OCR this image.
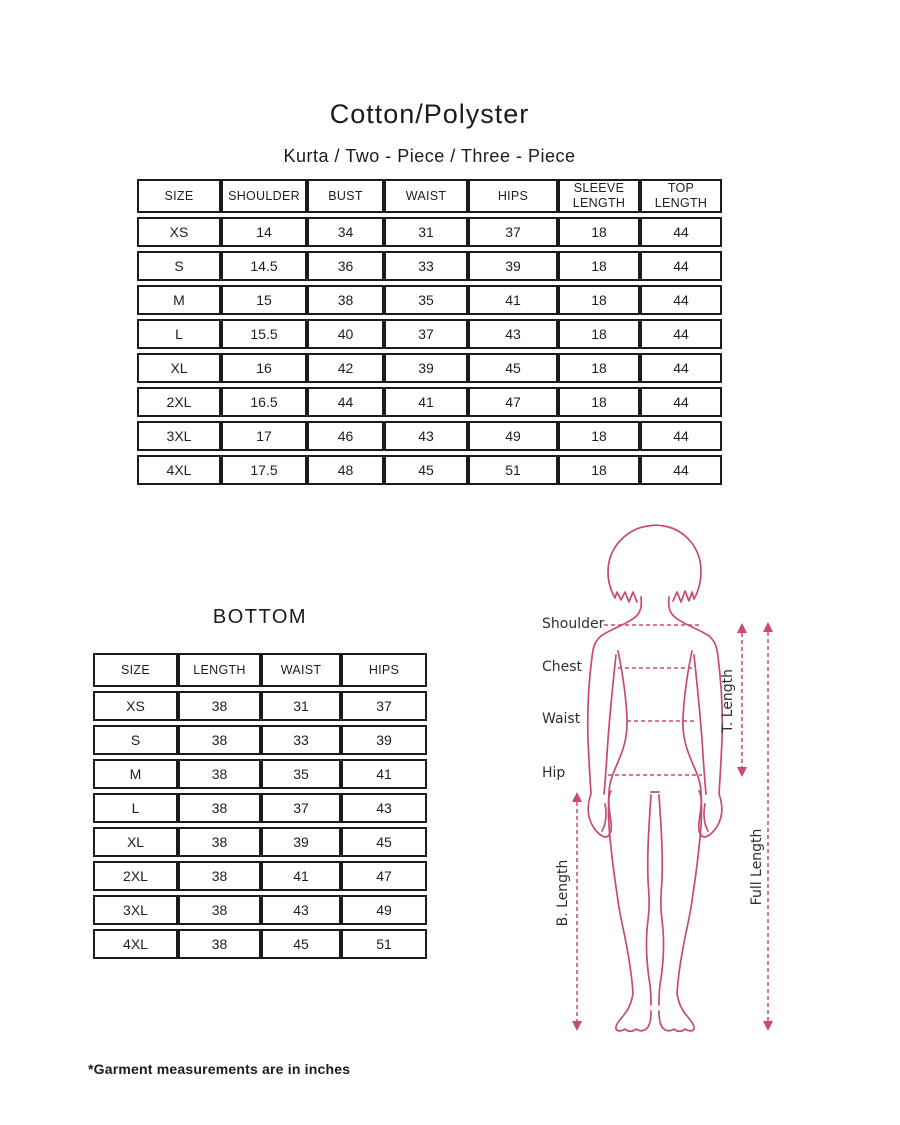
Cotton/Polyster
Kurta / Two - Piece / Three - Piece
SIZE	SHOULDER	BUST	WAIST	HIPS	SLEEVE LENGTH	TOP LENGTH
XS	14	34	31	37	18	44
S	14.5	36	33	39	18	44
M	15	38	35	41	18	44
L	15.5	40	37	43	18	44
XL	16	42	39	45	18	44
2XL	16.5	44	41	47	18	44
3XL	17	46	43	49	18	44
4XL	17.5	48	45	51	18	44
BOTTOM
SIZE	LENGTH	WAIST	HIPS
XS	38	31	37
S	38	33	39
M	38	35	41
L	38	37	43
XL	38	39	45
2XL	38	41	47
3XL	38	43	49
4XL	38	45	51
Shoulder
Chest
Waist
Hip
T. Length
B. Length	Full Length
*Garment measurements are in inches
